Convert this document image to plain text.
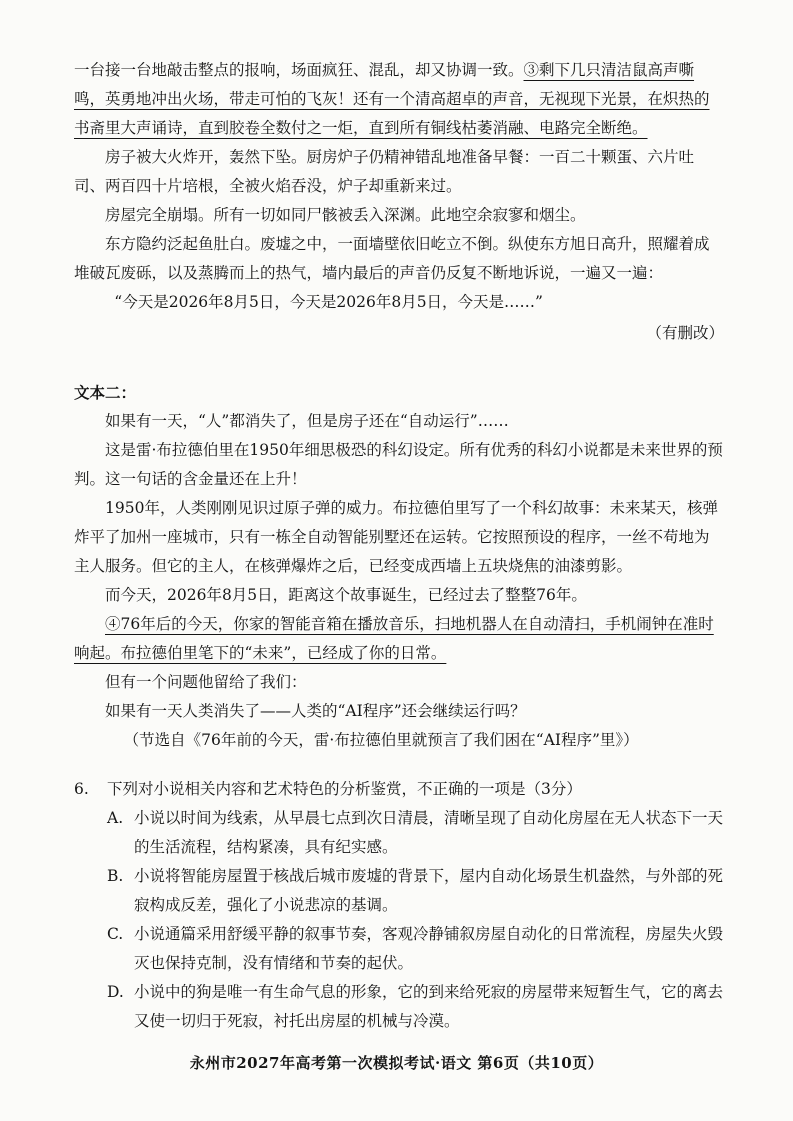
一台接一台地敲击整点的报响，场面疯狂、混乱，却又协调一致。③剩下几只清洁鼠高声嘶鸣，英勇地冲出火场，带走可怕的飞灰！还有一个清高超卓的声音，无视现下光景，在炽热的书斋里大声诵诗，直到胶卷全数付之一炬，直到所有铜线枯萎消融、电路完全断绝。

房子被大火炸开，轰然下坠。厨房炉子仍精神错乱地准备早餐：一百二十颗蛋、六片吐司、两百四十片培根，全被火焰吞没，炉子却重新来过。

房屋完全崩塌。所有一切如同尸骸被丢入深渊。此地空余寂寥和烟尘。

东方隐约泛起鱼肚白。废墟之中，一面墙壁依旧屹立不倒。纵使东方旭日高升，照耀着成堆破瓦废砾，以及蒸腾而上的热气，墙内最后的声音仍反复不断地诉说，一遍又一遍：

“今天是2026年8月5日，今天是2026年8月5日，今天是……”

（有删改）

文本二：

如果有一天，“人”都消失了，但是房子还在“自动运行”……

这是雷·布拉德伯里在1950年细思极恐的科幻设定。所有优秀的科幻小说都是未来世界的预判。这一句话的含金量还在上升！

1950年，人类刚刚见识过原子弹的威力。布拉德伯里写了一个科幻故事：未来某天，核弹炸平了加州一座城市，只有一栋全自动智能别墅还在运转。它按照预设的程序，一丝不苟地为主人服务。但它的主人，在核弹爆炸之后，已经变成西墙上五块烧焦的油漆剪影。

而今天，2026年8月5日，距离这个故事诞生，已经过去了整整76年。

④76年后的今天，你家的智能音箱在播放音乐，扫地机器人在自动清扫，手机闹钟在准时响起。布拉德伯里笔下的“未来”，已经成了你的日常。

但有一个问题他留给了我们：

如果有一天人类消失了——人类的“AI程序”还会继续运行吗？

（节选自《76年前的今天，雷·布拉德伯里就预言了我们困在“AI程序”里》）

6.	下列对小说相关内容和艺术特色的分析鉴赏，不正确的一项是（3分）
A. 小说以时间为线索，从早晨七点到次日清晨，清晰呈现了自动化房屋在无人状态下一天的生活流程，结构紧凑，具有纪实感。
B. 小说将智能房屋置于核战后城市废墟的背景下，屋内自动化场景生机盎然，与外部的死寂构成反差，强化了小说悲凉的基调。
C. 小说通篇采用舒缓平静的叙事节奏，客观冷静铺叙房屋自动化的日常流程，房屋失火毁灭也保持克制，没有情绪和节奏的起伏。
D. 小说中的狗是唯一有生命气息的形象，它的到来给死寂的房屋带来短暂生气，它的离去又使一切归于死寂，衬托出房屋的机械与冷漠。
永州市2027年高考第一次模拟考试·语文 第6页（共10页）
